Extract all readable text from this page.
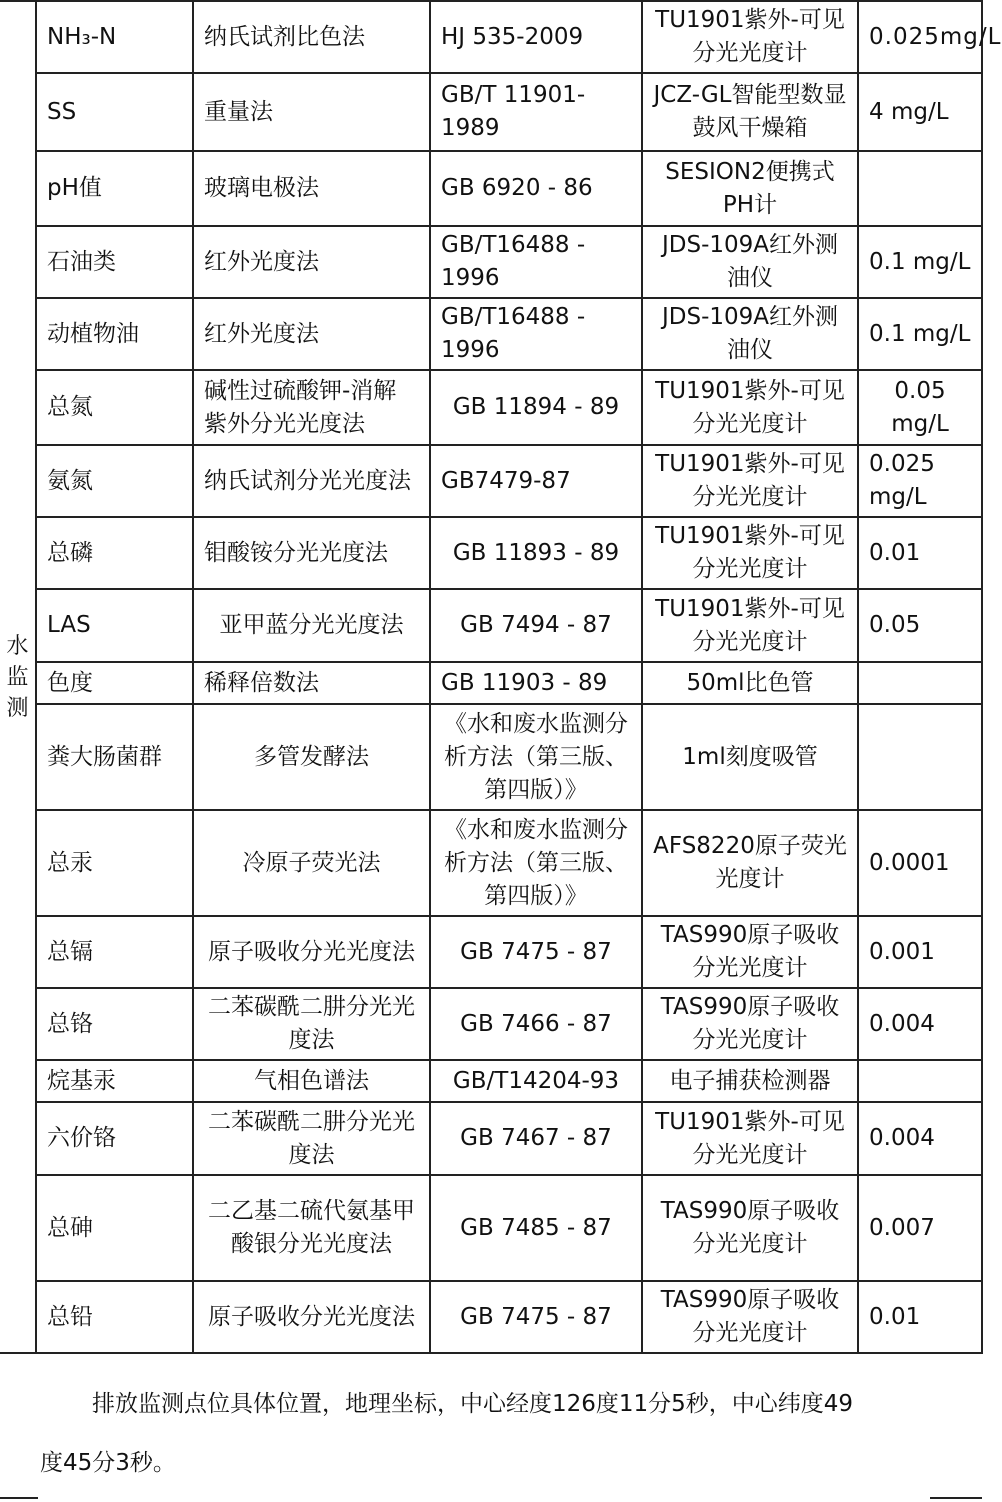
水监测	NH₃-N	纳氏试剂比色法	HJ 535-2009	TU1901紫外-可见分光光度计	0.025mg/L
	SS	重量法	GB/T 11901-1989	JCZ-GL智能型数显鼓风干燥箱	4 mg/L
	pH值	玻璃电极法	GB 6920 - 86	SESION2便携式PH计	
	石油类	红外光度法	GB/T16488 - 1996	JDS-109A红外测油仪	0.1 mg/L
	动植物油	红外光度法	GB/T16488 - 1996	JDS-109A红外测油仪	0.1 mg/L
	总氮	碱性过硫酸钾-消解紫外分光光度法	GB 11894 - 89	TU1901紫外-可见分光光度计	0.05 mg/L
	氨氮	纳氏试剂分光光度法	GB7479-87	TU1901紫外-可见分光光度计	0.025 mg/L
	总磷	钼酸铵分光光度法	GB 11893 - 89	TU1901紫外-可见分光光度计	0.01
	LAS	亚甲蓝分光光度法	GB 7494 - 87	TU1901紫外-可见分光光度计	0.05
	色度	稀释倍数法	GB 11903 - 89	50ml比色管	
	粪大肠菌群	多管发酵法	《水和废水监测分析方法（第三版、第四版）》	1ml刻度吸管	
	总汞	冷原子荧光法	《水和废水监测分析方法（第三版、第四版）》	AFS8220原子荧光光度计	0.0001
	总镉	原子吸收分光光度法	GB 7475 - 87	TAS990原子吸收分光光度计	0.001
	总铬	二苯碳酰二肼分光光度法	GB 7466 - 87	TAS990原子吸收分光光度计	0.004
	烷基汞	气相色谱法	GB/T14204-93	电子捕获检测器	
	六价铬	二苯碳酰二肼分光光度法	GB 7467 - 87	TU1901紫外-可见分光光度计	0.004
	总砷	二乙基二硫代氨基甲酸银分光光度法	GB 7485 - 87	TAS990原子吸收分光光度计	0.007
	总铅	原子吸收分光光度法	GB 7475 - 87	TAS990原子吸收分光光度计	0.01
排放监测点位具体位置，地理坐标，中心经度126度11分5秒，中心纬度49
度45分3秒。
